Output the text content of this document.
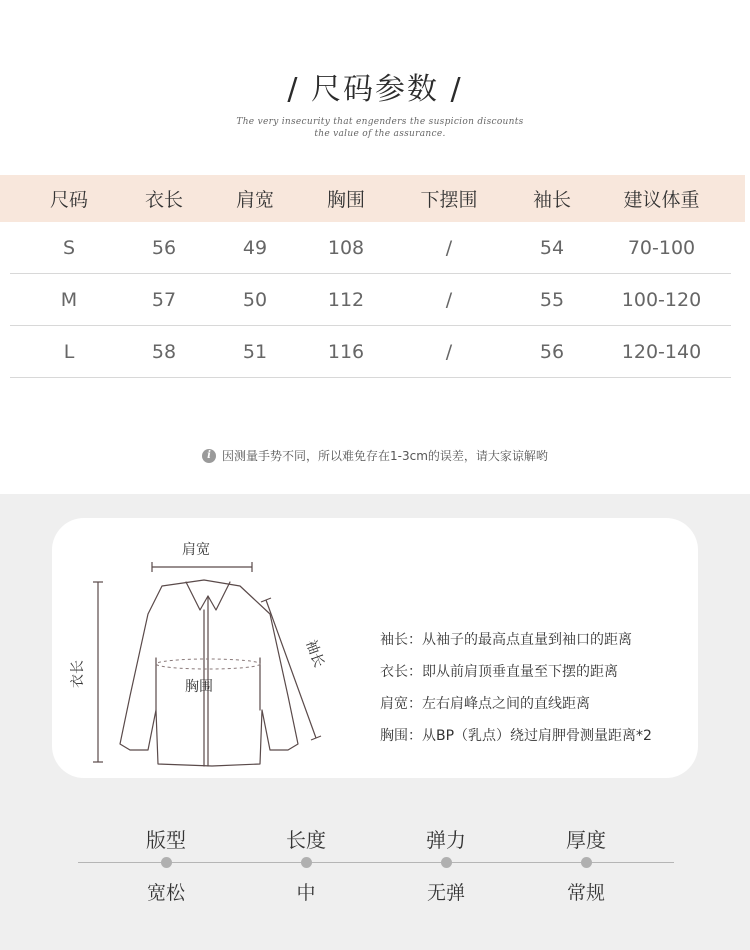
/ 尺码参数 /
The very insecurity that engenders the suspicion discounts
the value of the assurance.
尺码	衣长	肩宽	胸围	下摆围	袖长	建议体重
S	56	49	108	/	54	70-100
M	57	50	112	/	55	100-120
L	58	51	116	/	56	120-140
i 因测量手势不同，所以难免存在1-3cm的误差，请大家谅解哟
肩宽
衣长
袖长
胸围
袖长：从袖子的最高点直量到袖口的距离
衣长：即从前肩顶垂直量至下摆的距离
肩宽：左右肩峰点之间的直线距离
胸围：从BP（乳点）绕过肩胛骨测量距离*2
版型
宽松
长度
中
弹力
无弹
厚度
常规
